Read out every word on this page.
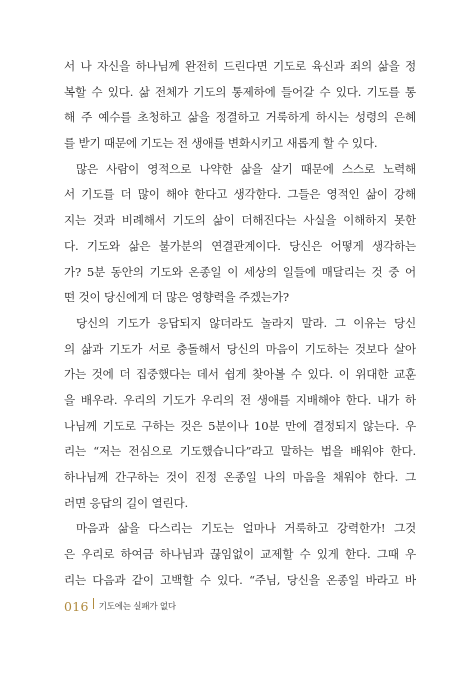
서 나 자신을 하나님께 완전히 드린다면 기도로 육신과 죄의 삶을 정
복할 수 있다. 삶 전체가 기도의 통제하에 들어갈 수 있다. 기도를 통
해 주 예수를 초청하고 삶을 정결하고 거룩하게 하시는 성령의 은혜
를 받기 때문에 기도는 전 생애를 변화시키고 새롭게 할 수 있다.
많은 사람이 영적으로 나약한 삶을 살기 때문에 스스로 노력해
서 기도를 더 많이 해야 한다고 생각한다. 그들은 영적인 삶이 강해
지는 것과 비례해서 기도의 삶이 더해진다는 사실을 이해하지 못한
다. 기도와 삶은 불가분의 연결관계이다. 당신은 어떻게 생각하는
가? 5분 동안의 기도와 온종일 이 세상의 일들에 매달리는 것 중 어
떤 것이 당신에게 더 많은 영향력을 주겠는가?
당신의 기도가 응답되지 않더라도 놀라지 말라. 그 이유는 당신
의 삶과 기도가 서로 충돌해서 당신의 마음이 기도하는 것보다 살아
가는 것에 더 집중했다는 데서 쉽게 찾아볼 수 있다. 이 위대한 교훈
을 배우라. 우리의 기도가 우리의 전 생애를 지배해야 한다. 내가 하
나님께 기도로 구하는 것은 5분이나 10분 만에 결정되지 않는다. 우
리는 “저는 전심으로 기도했습니다”라고 말하는 법을 배워야 한다.
하나님께 간구하는 것이 진정 온종일 나의 마음을 채워야 한다. 그
러면 응답의 길이 열린다.
마음과 삶을 다스리는 기도는 얼마나 거룩하고 강력한가! 그것
은 우리로 하여금 하나님과 끊임없이 교제할 수 있게 한다. 그때 우
리는 다음과 같이 고백할 수 있다. “주님, 당신을 온종일 바라고 바
016 기도에는 실패가 없다
